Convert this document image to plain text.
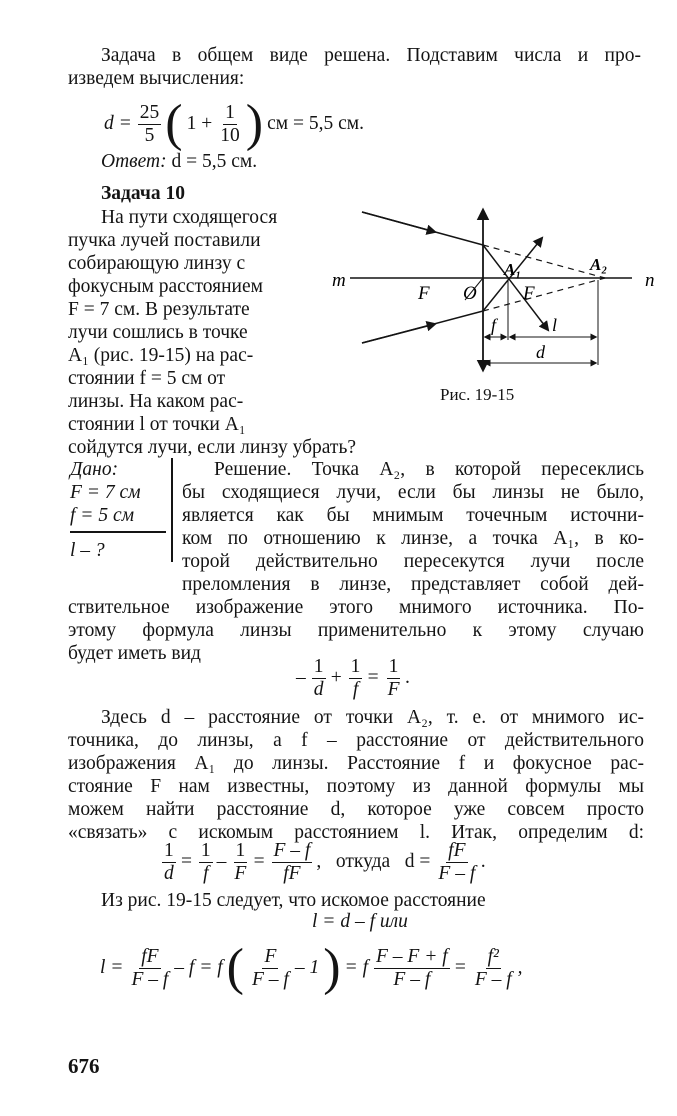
Задача в общем виде решена. Подставим числа и про-
изведем вычисления:
$d = \frac{25}{5}$ ( $1 + \frac{1}{10}$ ) см = 5,5 см.
Ответ: d = 5,5 см.
Задача 10
На пути сходящегося
пучка лучей поставили
собирающую линзу с
фокусным расстоянием
F = 7 см. В результате
лучи сошлись в точке
A₁ (рис. 19-15) на рас-
стоянии f = 5 см от
линзы. На каком рас-
стоянии l от точки A₁
сойдутся лучи, если линзу убрать?
m	n
F O
A₁
F
A₂
f	l
d
Рис. 19-15
Дано:
F = 7 см
f = 5 см
l – ?
Решение. Точка A₂, в которой пересеклись
бы сходящиеся лучи, если бы линзы не было,
является как бы мнимым точечным источни-
ком по отношению к линзе, а точка A₁, в ко-
торой действительно пересекутся лучи после
преломления в линзе, представляет собой дей-
ствительное изображение этого мнимого источника. По-
этому формула линзы применительно к этому случаю
будет иметь вид
– $\frac{1}{d} + \frac{1}{f} = \frac{1}{F}$ .
Здесь d – расстояние от точки A₂, т. е. от мнимого ис-
точника, до линзы, а f – расстояние от действительного
изображения A₁ до линзы. Расстояние f и фокусное рас-
стояние F нам известны, поэтому из данной формулы мы
можем найти расстояние d, которое уже совсем просто
«связать» с искомым расстоянием l. Итак, определим d:
$\frac{1}{d} = \frac{1}{f} - \frac{1}{F} = \frac{F - f}{fF}$ ,   откуда   $d = \frac{fF}{F - f}$ .
Из рис. 19-15 следует, что искомое расстояние
l = d – f или
$l = \frac{fF}{F - f} - f = f$ ( $\frac{F}{F - f} - 1$ ) = f $\frac{F - F + f}{F - f} = \frac{\text{f²}}{F - f}$ ,
676
